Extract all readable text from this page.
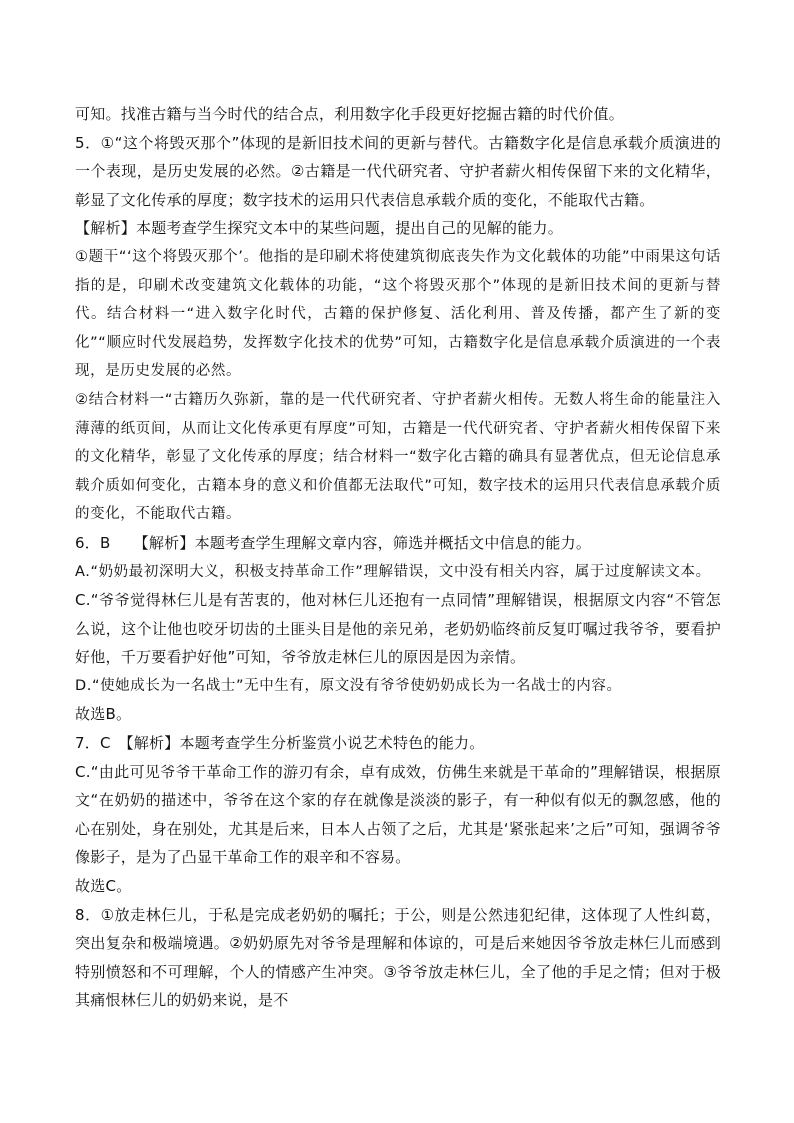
可知。找准古籍与当今时代的结合点，利用数字化手段更好挖掘古籍的时代价值。

5．①“这个将毁灭那个”体现的是新旧技术间的更新与替代。古籍数字化是信息承载介质演进的一个表现，是历史发展的必然。②古籍是一代代研究者、守护者薪火相传保留下来的文化精华，彰显了文化传承的厚度；数字技术的运用只代表信息承载介质的变化，不能取代古籍。

【解析】本题考查学生探究文本中的某些问题，提出自己的见解的能力。

①题干“‘这个将毁灭那个’。他指的是印刷术将使建筑彻底丧失作为文化载体的功能”中雨果这句话指的是，印刷术改变建筑文化载体的功能，“这个将毁灭那个”体现的是新旧技术间的更新与替代。结合材料一“进入数字化时代，古籍的保护修复、活化利用、普及传播，都产生了新的变化”“顺应时代发展趋势，发挥数字化技术的优势”可知，古籍数字化是信息承载介质演进的一个表现，是历史发展的必然。

②结合材料一“古籍历久弥新，靠的是一代代研究者、守护者薪火相传。无数人将生命的能量注入薄薄的纸页间，从而让文化传承更有厚度”可知，古籍是一代代研究者、守护者薪火相传保留下来的文化精华，彰显了文化传承的厚度；结合材料一“数字化古籍的确具有显著优点，但无论信息承载介质如何变化，古籍本身的意义和价值都无法取代”可知，数字技术的运用只代表信息承载介质的变化，不能取代古籍。

6．B　　【解析】本题考查学生理解文章内容，筛选并概括文中信息的能力。

A.“奶奶最初深明大义，积极支持革命工作”理解错误，文中没有相关内容，属于过度解读文本。

C.“爷爷觉得林仨儿是有苦衷的，他对林仨儿还抱有一点同情”理解错误，根据原文内容“不管怎么说，这个让他也咬牙切齿的土匪头目是他的亲兄弟，老奶奶临终前反复叮嘱过我爷爷，要看护好他，千万要看护好他”可知，爷爷放走林仨儿的原因是因为亲情。

D.“使她成长为一名战士”无中生有，原文没有爷爷使奶奶成长为一名战士的内容。

故选B。

7．C　【解析】本题考查学生分析鉴赏小说艺术特色的能力。

C.“由此可见爷爷干革命工作的游刃有余，卓有成效，仿佛生来就是干革命的”理解错误，根据原文“在奶奶的描述中，爷爷在这个家的存在就像是淡淡的影子，有一种似有似无的飘忽感，他的心在别处，身在别处，尤其是后来，日本人占领了之后，尤其是‘紧张起来’之后”可知，强调爷爷像影子，是为了凸显干革命工作的艰辛和不容易。

故选C。

8．①放走林仨儿，于私是完成老奶奶的嘱托；于公，则是公然违犯纪律，这体现了人性纠葛，突出复杂和极端境遇。②奶奶原先对爷爷是理解和体谅的，可是后来她因爷爷放走林仨儿而感到特别愤怒和不可理解，个人的情感产生冲突。③爷爷放走林仨儿，全了他的手足之情；但对于极其痛恨林仨儿的奶奶来说，是不
